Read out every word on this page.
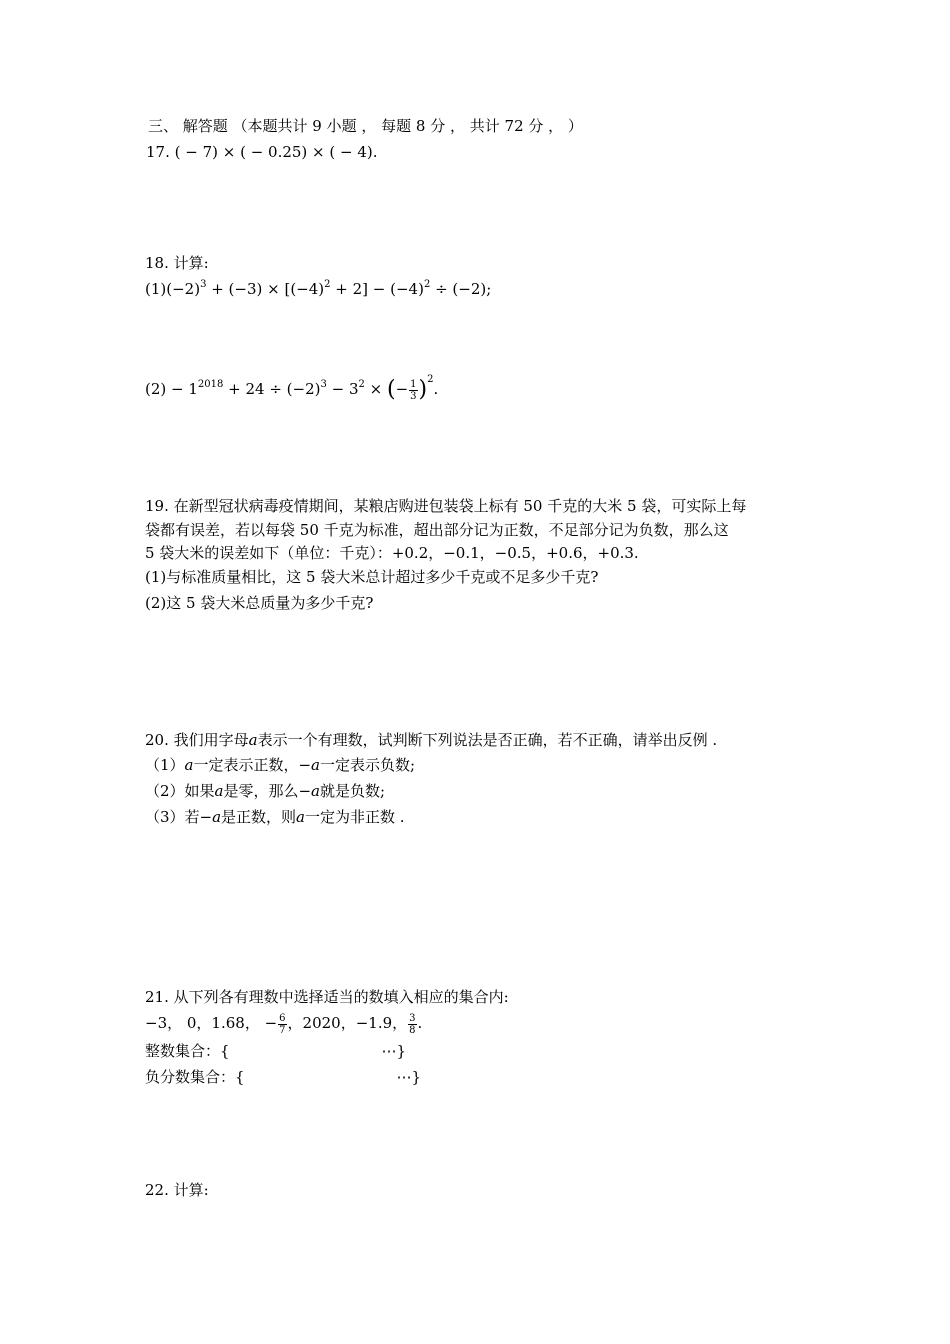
三、 解答题 （本题共计 9 小题 ， 每题 8 分 ， 共计 72 分 ， ）
17. ( − 7) × ( − 0.25) × ( − 4).
18. 计算:
$(1)(-2)^3 + (-3) \times [(-4)^2 + 2] - (-4)^2 \div (-2)$;
$(2) - 1^{2018} + 24 \div (-2)^3 - 3^2$ × (− $\frac{1}{3} )^2$.
19. 在新型冠状病毒疫情期间，某粮店购进包装袋上标有 50 千克的大米 5 袋，可实际上每
袋都有误差，若以每袋 50 千克为标准，超出部分记为正数，不足部分记为负数，那么这
5 袋大米的误差如下（单位：千克）：+0.2，−0.1，−0.5，+0.6，+0.3.
(1)与标准质量相比，这 5 袋大米总计超过多少千克或不足多少千克?
(2)这 5 袋大米总质量为多少千克?
20. 我们用字母𝑎表示一个有理数，试判断下列说法是否正确，若不正确，请举出反例 .
（1）𝑎一定表示正数，−𝑎一定表示负数;
（2）如果𝑎是零，那么−𝑎就是负数;
（3）若−𝑎是正数，则𝑎一定为非正数 .
21. 从下列各有理数中选择适当的数填入相应的集合内:
−3， 0，1.68， − $\frac{6}{7}$ ，2020，−1.9， $\frac{3}{8}$ .
整数集合：{	⋯}
负分数集合：{	⋯}
22. 计算:
